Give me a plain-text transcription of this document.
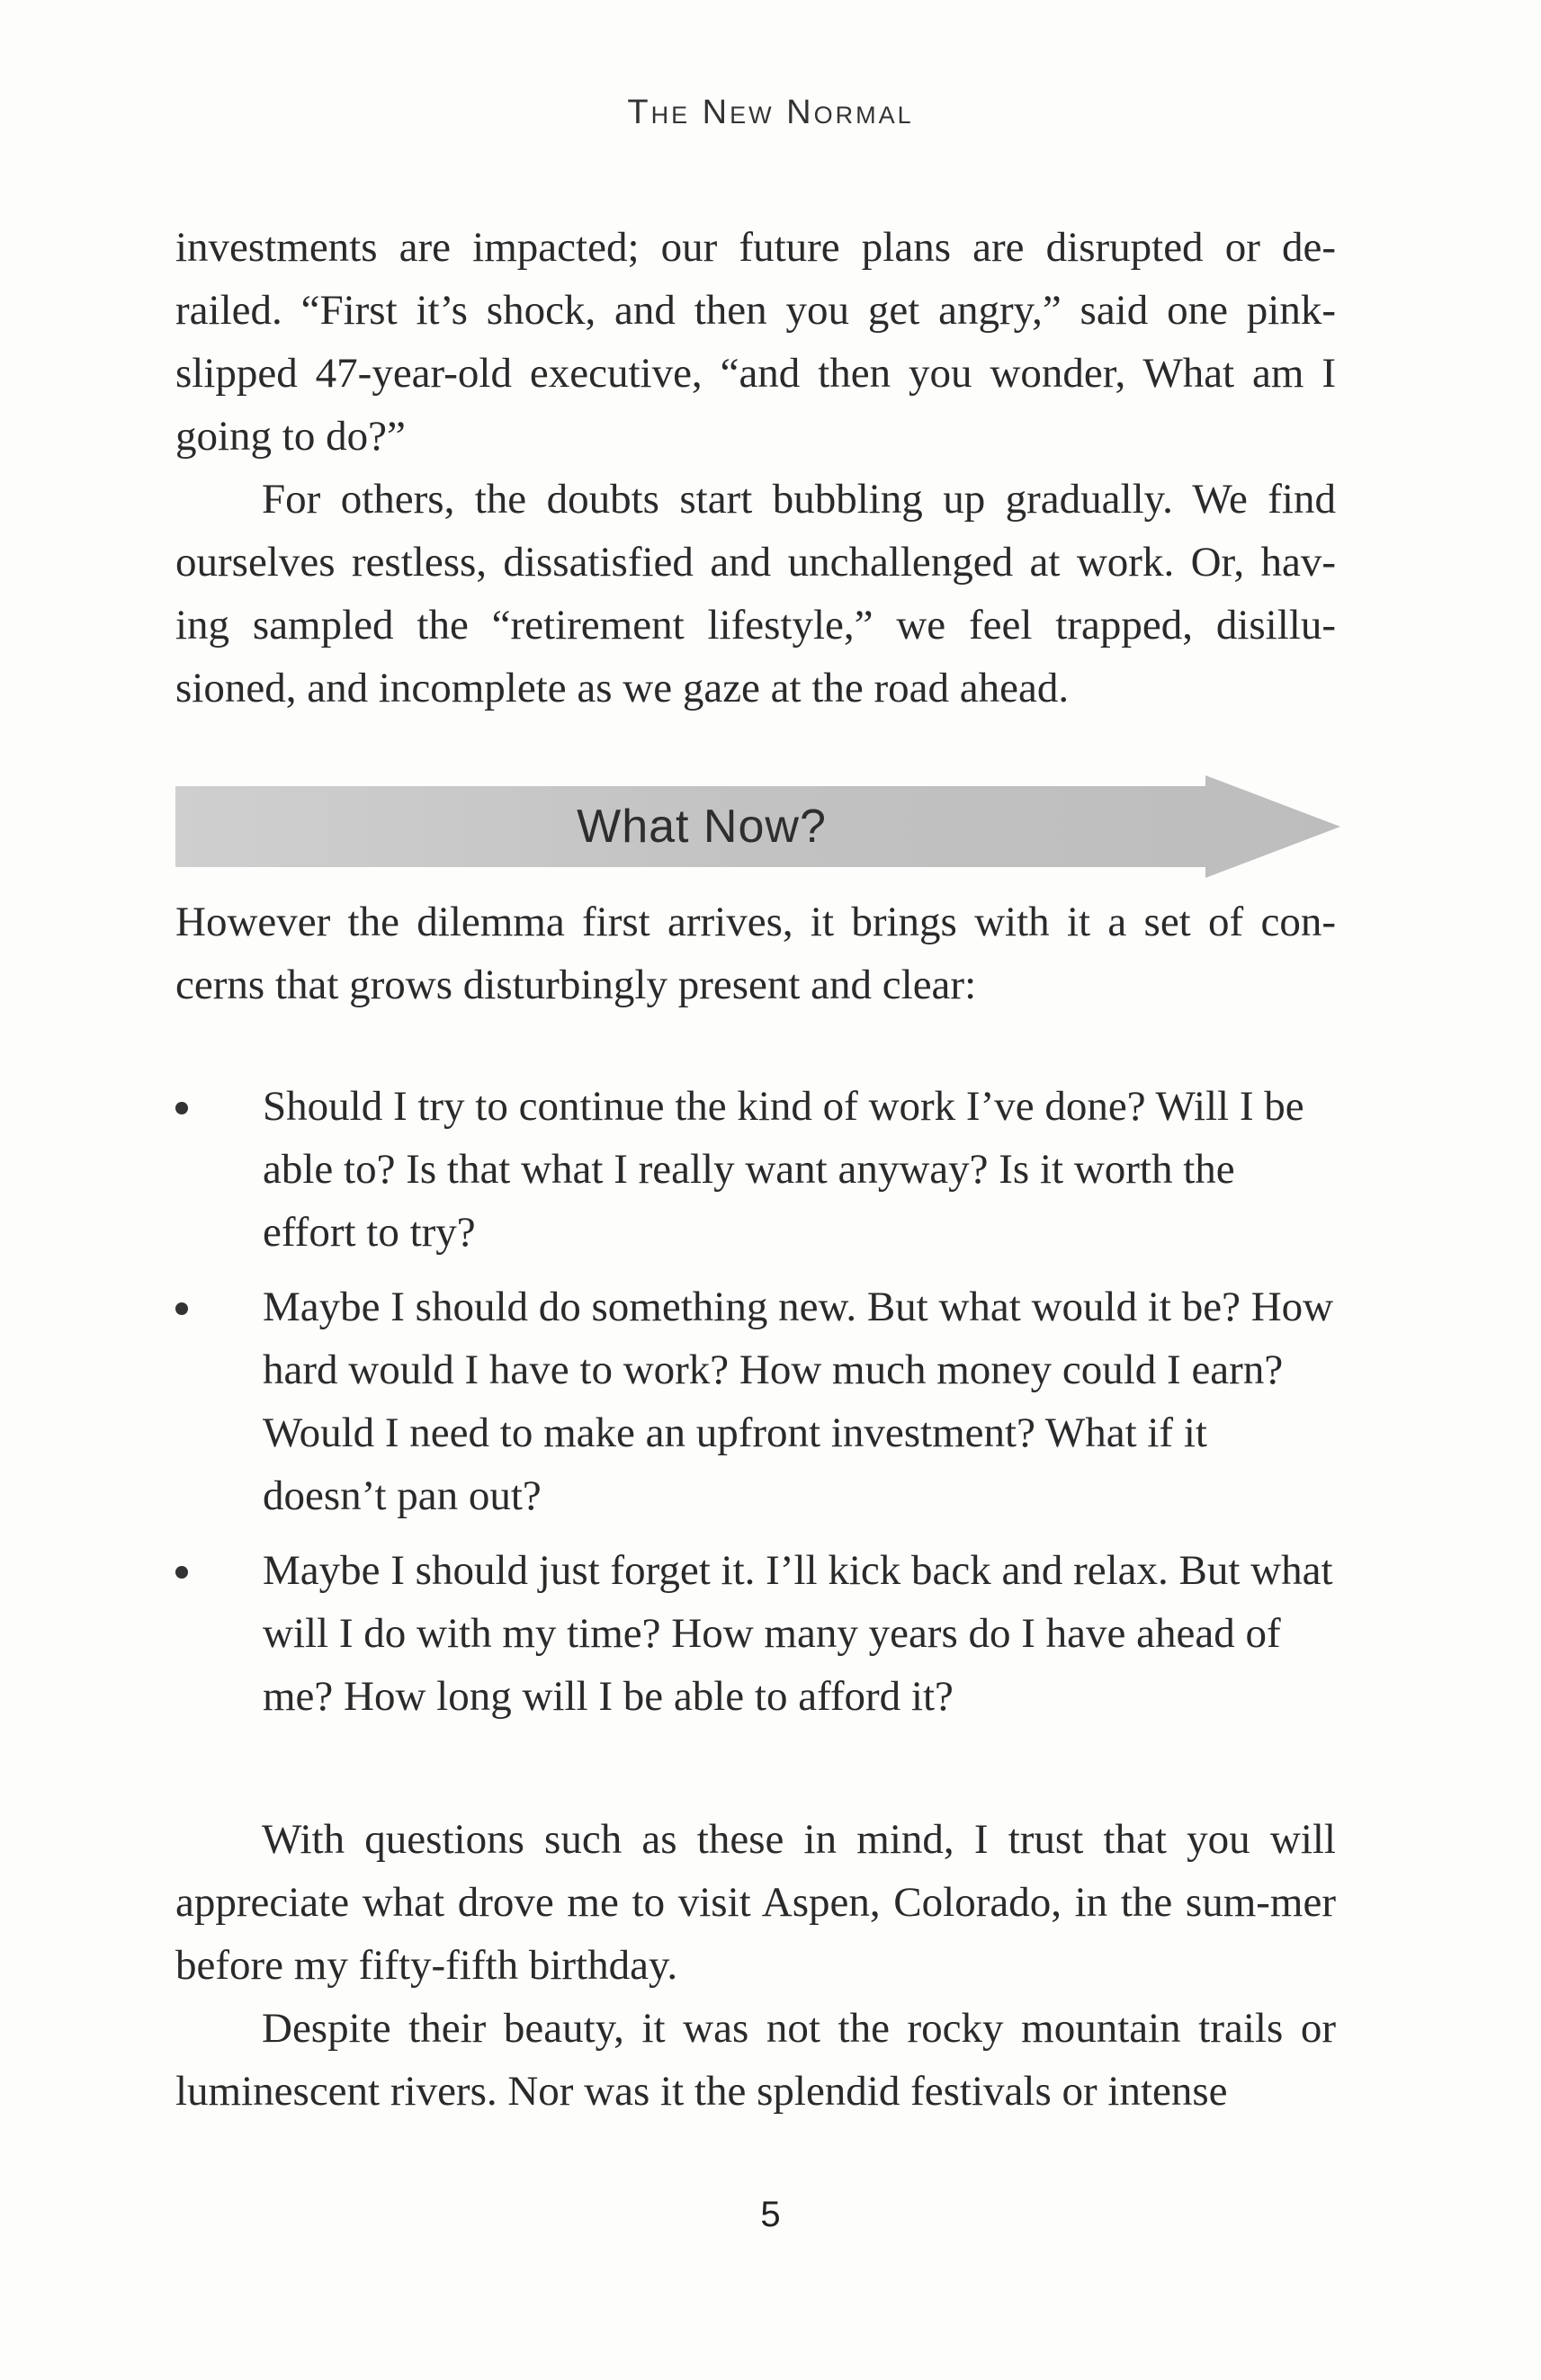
The New Normal

investments are impacted; our future plans are disrupted or de-railed. “First it’s shock, and then you get angry,” said one pink-slipped 47-year-old executive, “and then you wonder, What am I going to do?”

For others, the doubts start bubbling up gradually. We find ourselves restless, dissatisfied and unchallenged at work. Or, hav-ing sampled the “retirement lifestyle,” we feel trapped, disillu-sioned, and incomplete as we gaze at the road ahead.

What Now?

However the dilemma first arrives, it brings with it a set of con-cerns that grows disturbingly present and clear:

Should I try to continue the kind of work I’ve done? Will I be able to? Is that what I really want anyway? Is it worth the effort to try?
Maybe I should do something new. But what would it be? How hard would I have to work? How much money could I earn? Would I need to make an upfront investment? What if it doesn’t pan out?
Maybe I should just forget it. I’ll kick back and relax. But what will I do with my time? How many years do I have ahead of me? How long will I be able to afford it?

With questions such as these in mind, I trust that you will appreciate what drove me to visit Aspen, Colorado, in the sum-mer before my fifty-fifth birthday.

Despite their beauty, it was not the rocky mountain trails or luminescent rivers. Nor was it the splendid festivals or intense

5
